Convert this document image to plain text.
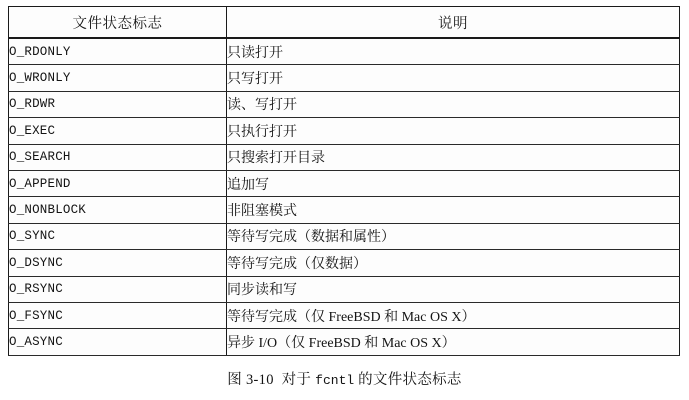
文件状态标志	说明
O_RDONLY	只读打开
O_WRONLY	只写打开
O_RDWR	读、写打开
O_EXEC	只执行打开
O_SEARCH	只搜索打开目录
O_APPEND	追加写
O_NONBLOCK	非阻塞模式
O_SYNC	等待写完成（数据和属性）
O_DSYNC	等待写完成（仅数据）
O_RSYNC	同步读和写
O_FSYNC	等待写完成（仅 FreeBSD 和 Mac OS X）
O_ASYNC	异步 I/O（仅 FreeBSD 和 Mac OS X）
图 3-10 对于 fcntl 的文件状态标志
